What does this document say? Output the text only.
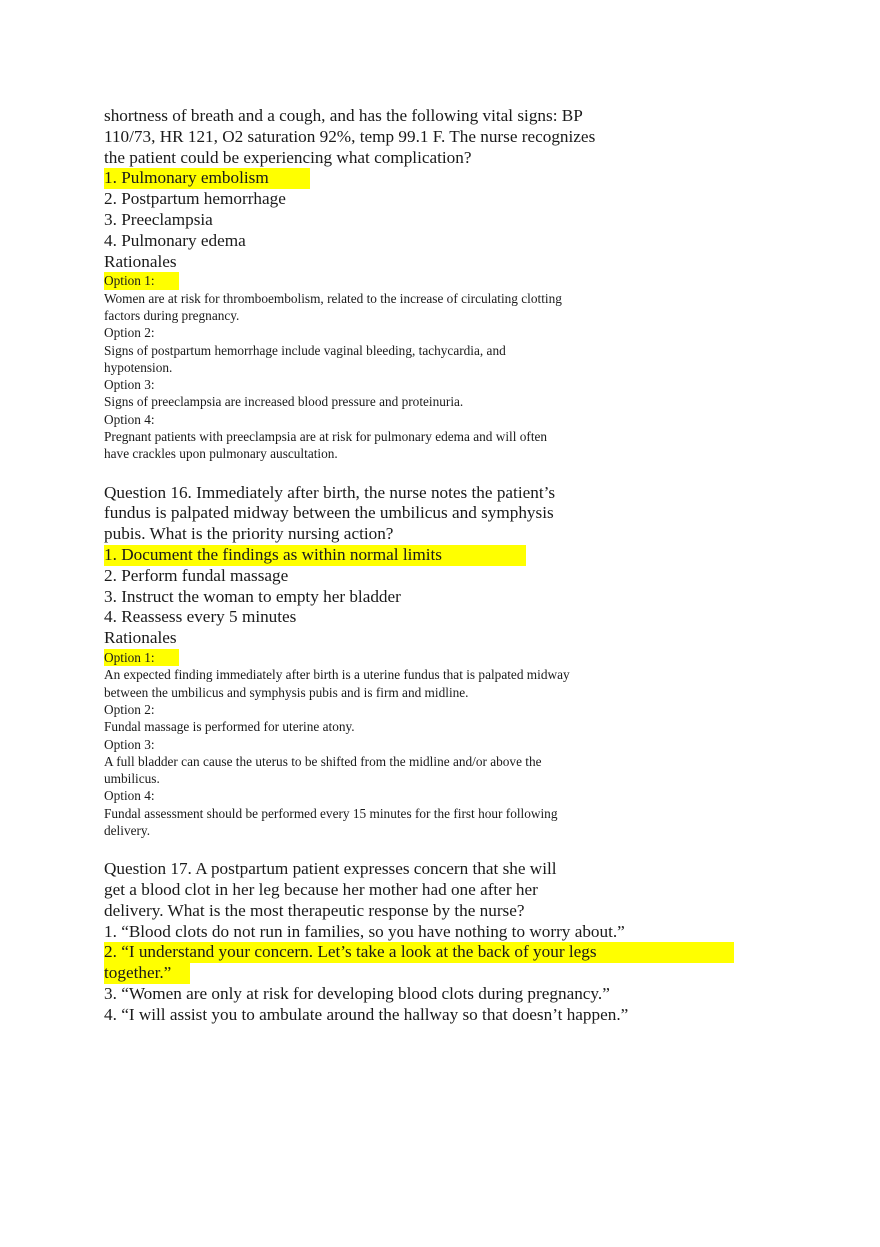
shortness of breath and a cough, and has the following vital signs: BP
110/73, HR 121, O2 saturation 92%, temp 99.1 F. The nurse recognizes
the patient could be experiencing what complication?
1. Pulmonary embolism
2. Postpartum hemorrhage
3. Preeclampsia
4. Pulmonary edema
Rationales
Option 1:
Women are at risk for thromboembolism, related to the increase of circulating clotting
factors during pregnancy.
Option 2:
Signs of postpartum hemorrhage include vaginal bleeding, tachycardia, and
hypotension.
Option 3:
Signs of preeclampsia are increased blood pressure and proteinuria.
Option 4:
Pregnant patients with preeclampsia are at risk for pulmonary edema and will often
have crackles upon pulmonary auscultation.
Question 16. Immediately after birth, the nurse notes the patient’s
fundus is palpated midway between the umbilicus and symphysis
pubis. What is the priority nursing action?
1. Document the findings as within normal limits
2. Perform fundal massage
3. Instruct the woman to empty her bladder
4. Reassess every 5 minutes
Rationales
Option 1:
An expected finding immediately after birth is a uterine fundus that is palpated midway
between the umbilicus and symphysis pubis and is firm and midline.
Option 2:
Fundal massage is performed for uterine atony.
Option 3:
A full bladder can cause the uterus to be shifted from the midline and/or above the
umbilicus.
Option 4:
Fundal assessment should be performed every 15 minutes for the first hour following
delivery.
Question 17. A postpartum patient expresses concern that she will
get a blood clot in her leg because her mother had one after her
delivery. What is the most therapeutic response by the nurse?
1. “Blood clots do not run in families, so you have nothing to worry about.”
2. “I understand your concern. Let’s take a look at the back of your legs
together.”
3. “Women are only at risk for developing blood clots during pregnancy.”
4. “I will assist you to ambulate around the hallway so that doesn’t happen.”
